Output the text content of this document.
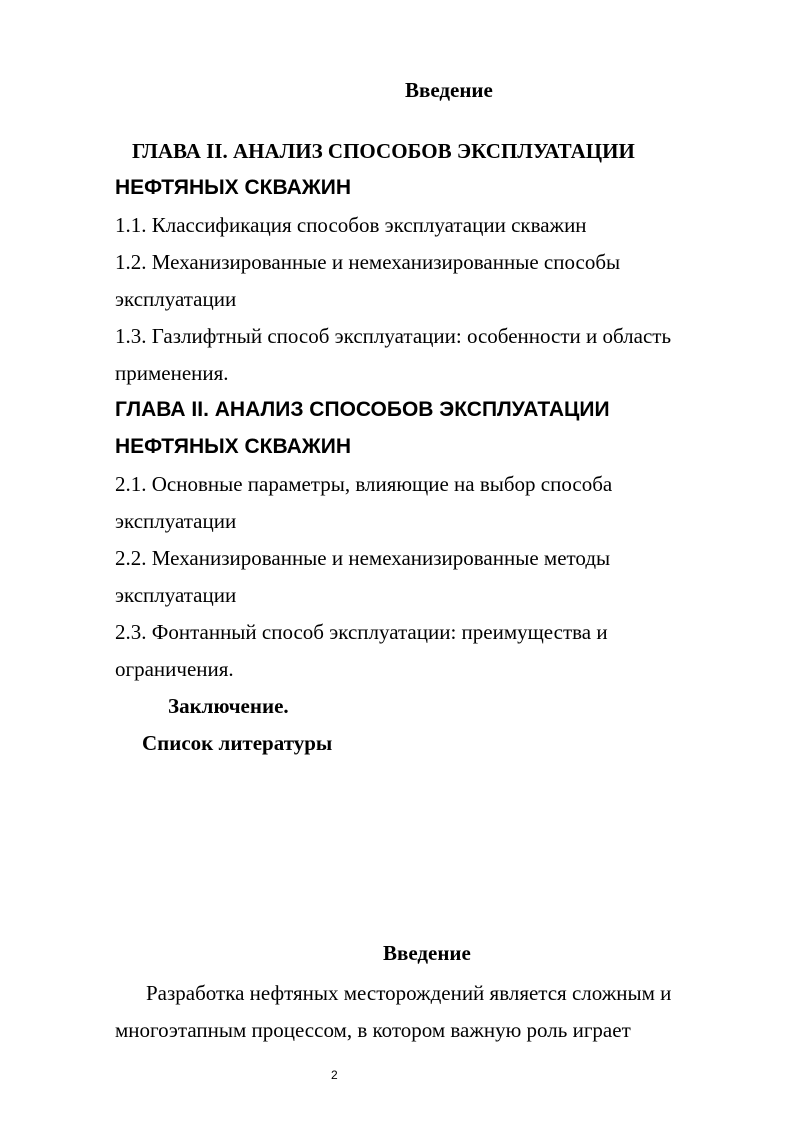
Введение
ГЛАВА II. АНАЛИЗ СПОСОБОВ ЭКСПЛУАТАЦИИ
НЕФТЯНЫХ СКВАЖИН
1.1. Классификация способов эксплуатации скважин
1.2. Механизированные и немеханизированные способы
эксплуатации
1.3. Газлифтный способ эксплуатации: особенности и область
применения.
ГЛАВА II. АНАЛИЗ СПОСОБОВ ЭКСПЛУАТАЦИИ
НЕФТЯНЫХ СКВАЖИН
2.1. Основные параметры, влияющие на выбор способа
эксплуатации
2.2. Механизированные и немеханизированные методы
эксплуатации
2.3. Фонтанный способ эксплуатации: преимущества и
ограничения.
Заключение.
Список литературы
Введение
Разработка нефтяных месторождений является сложным и
многоэтапным процессом, в котором важную роль играет
2
